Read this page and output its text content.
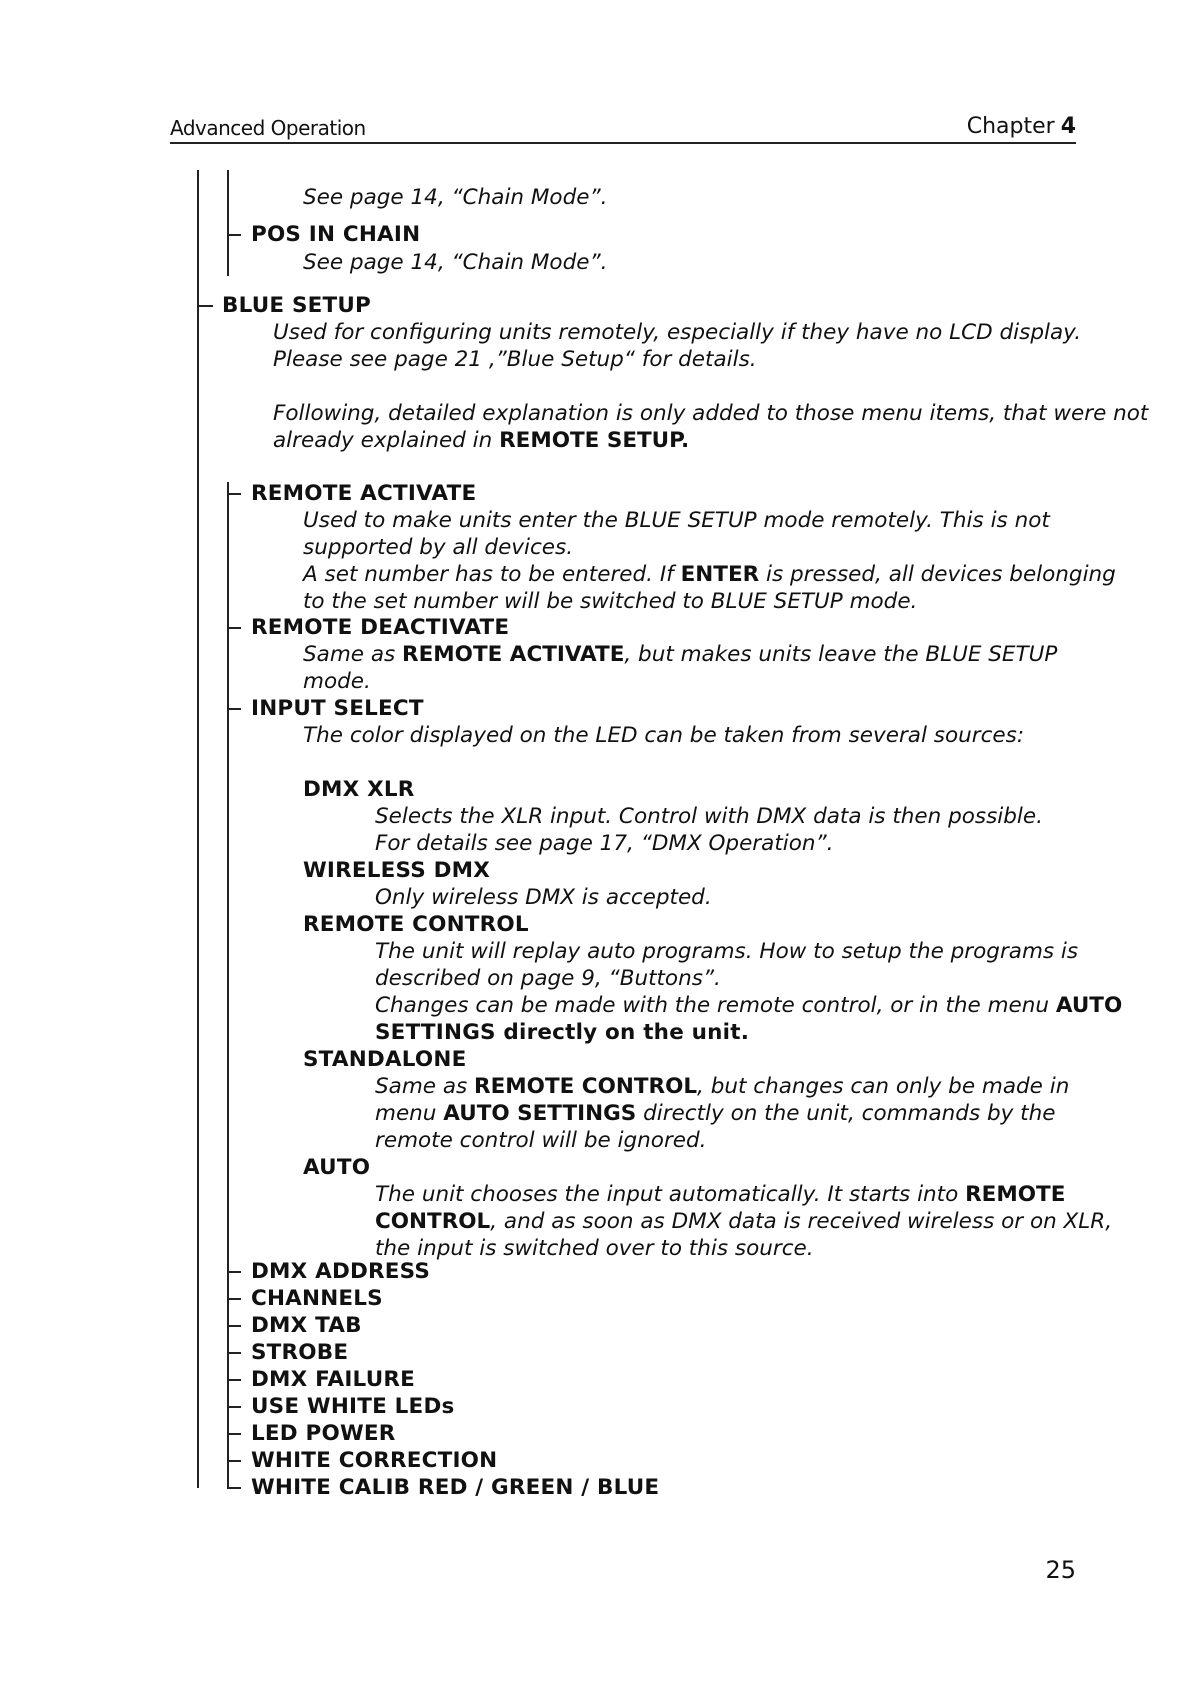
Advanced Operation	Chapter 4
See page 14, “Chain Mode”.
POS IN CHAIN
See page 14, “Chain Mode”.
BLUE SETUP
Used for configuring units remotely, especially if they have no LCD display.
Please see page 21 ,”Blue Setup“ for details.
Following, detailed explanation is only added to those menu items, that were not
already explained in REMOTE SETUP.
REMOTE ACTIVATE
Used to make units enter the BLUE SETUP mode remotely. This is not
supported by all devices.
A set number has to be entered. If ENTER is pressed, all devices belonging
to the set number will be switched to BLUE SETUP mode.
REMOTE DEACTIVATE
Same as REMOTE ACTIVATE, but makes units leave the BLUE SETUP
mode.
INPUT SELECT
The color displayed on the LED can be taken from several sources:
DMX XLR
Selects the XLR input. Control with DMX data is then possible.
For details see page 17, “DMX Operation”.
WIRELESS DMX
Only wireless DMX is accepted.
REMOTE CONTROL
The unit will replay auto programs. How to setup the programs is
described on page 9, “Buttons”.
Changes can be made with the remote control, or in the menu AUTO
SETTINGS directly on the unit.
STANDALONE
Same as REMOTE CONTROL, but changes can only be made in
menu AUTO SETTINGS directly on the unit, commands by the
remote control will be ignored.
AUTO
The unit chooses the input automatically. It starts into REMOTE
CONTROL, and as soon as DMX data is received wireless or on XLR,
the input is switched over to this source.
DMX ADDRESS
CHANNELS
DMX TAB
STROBE
DMX FAILURE
USE WHITE LEDs
LED POWER
WHITE CORRECTION
WHITE CALIB RED / GREEN / BLUE
25
